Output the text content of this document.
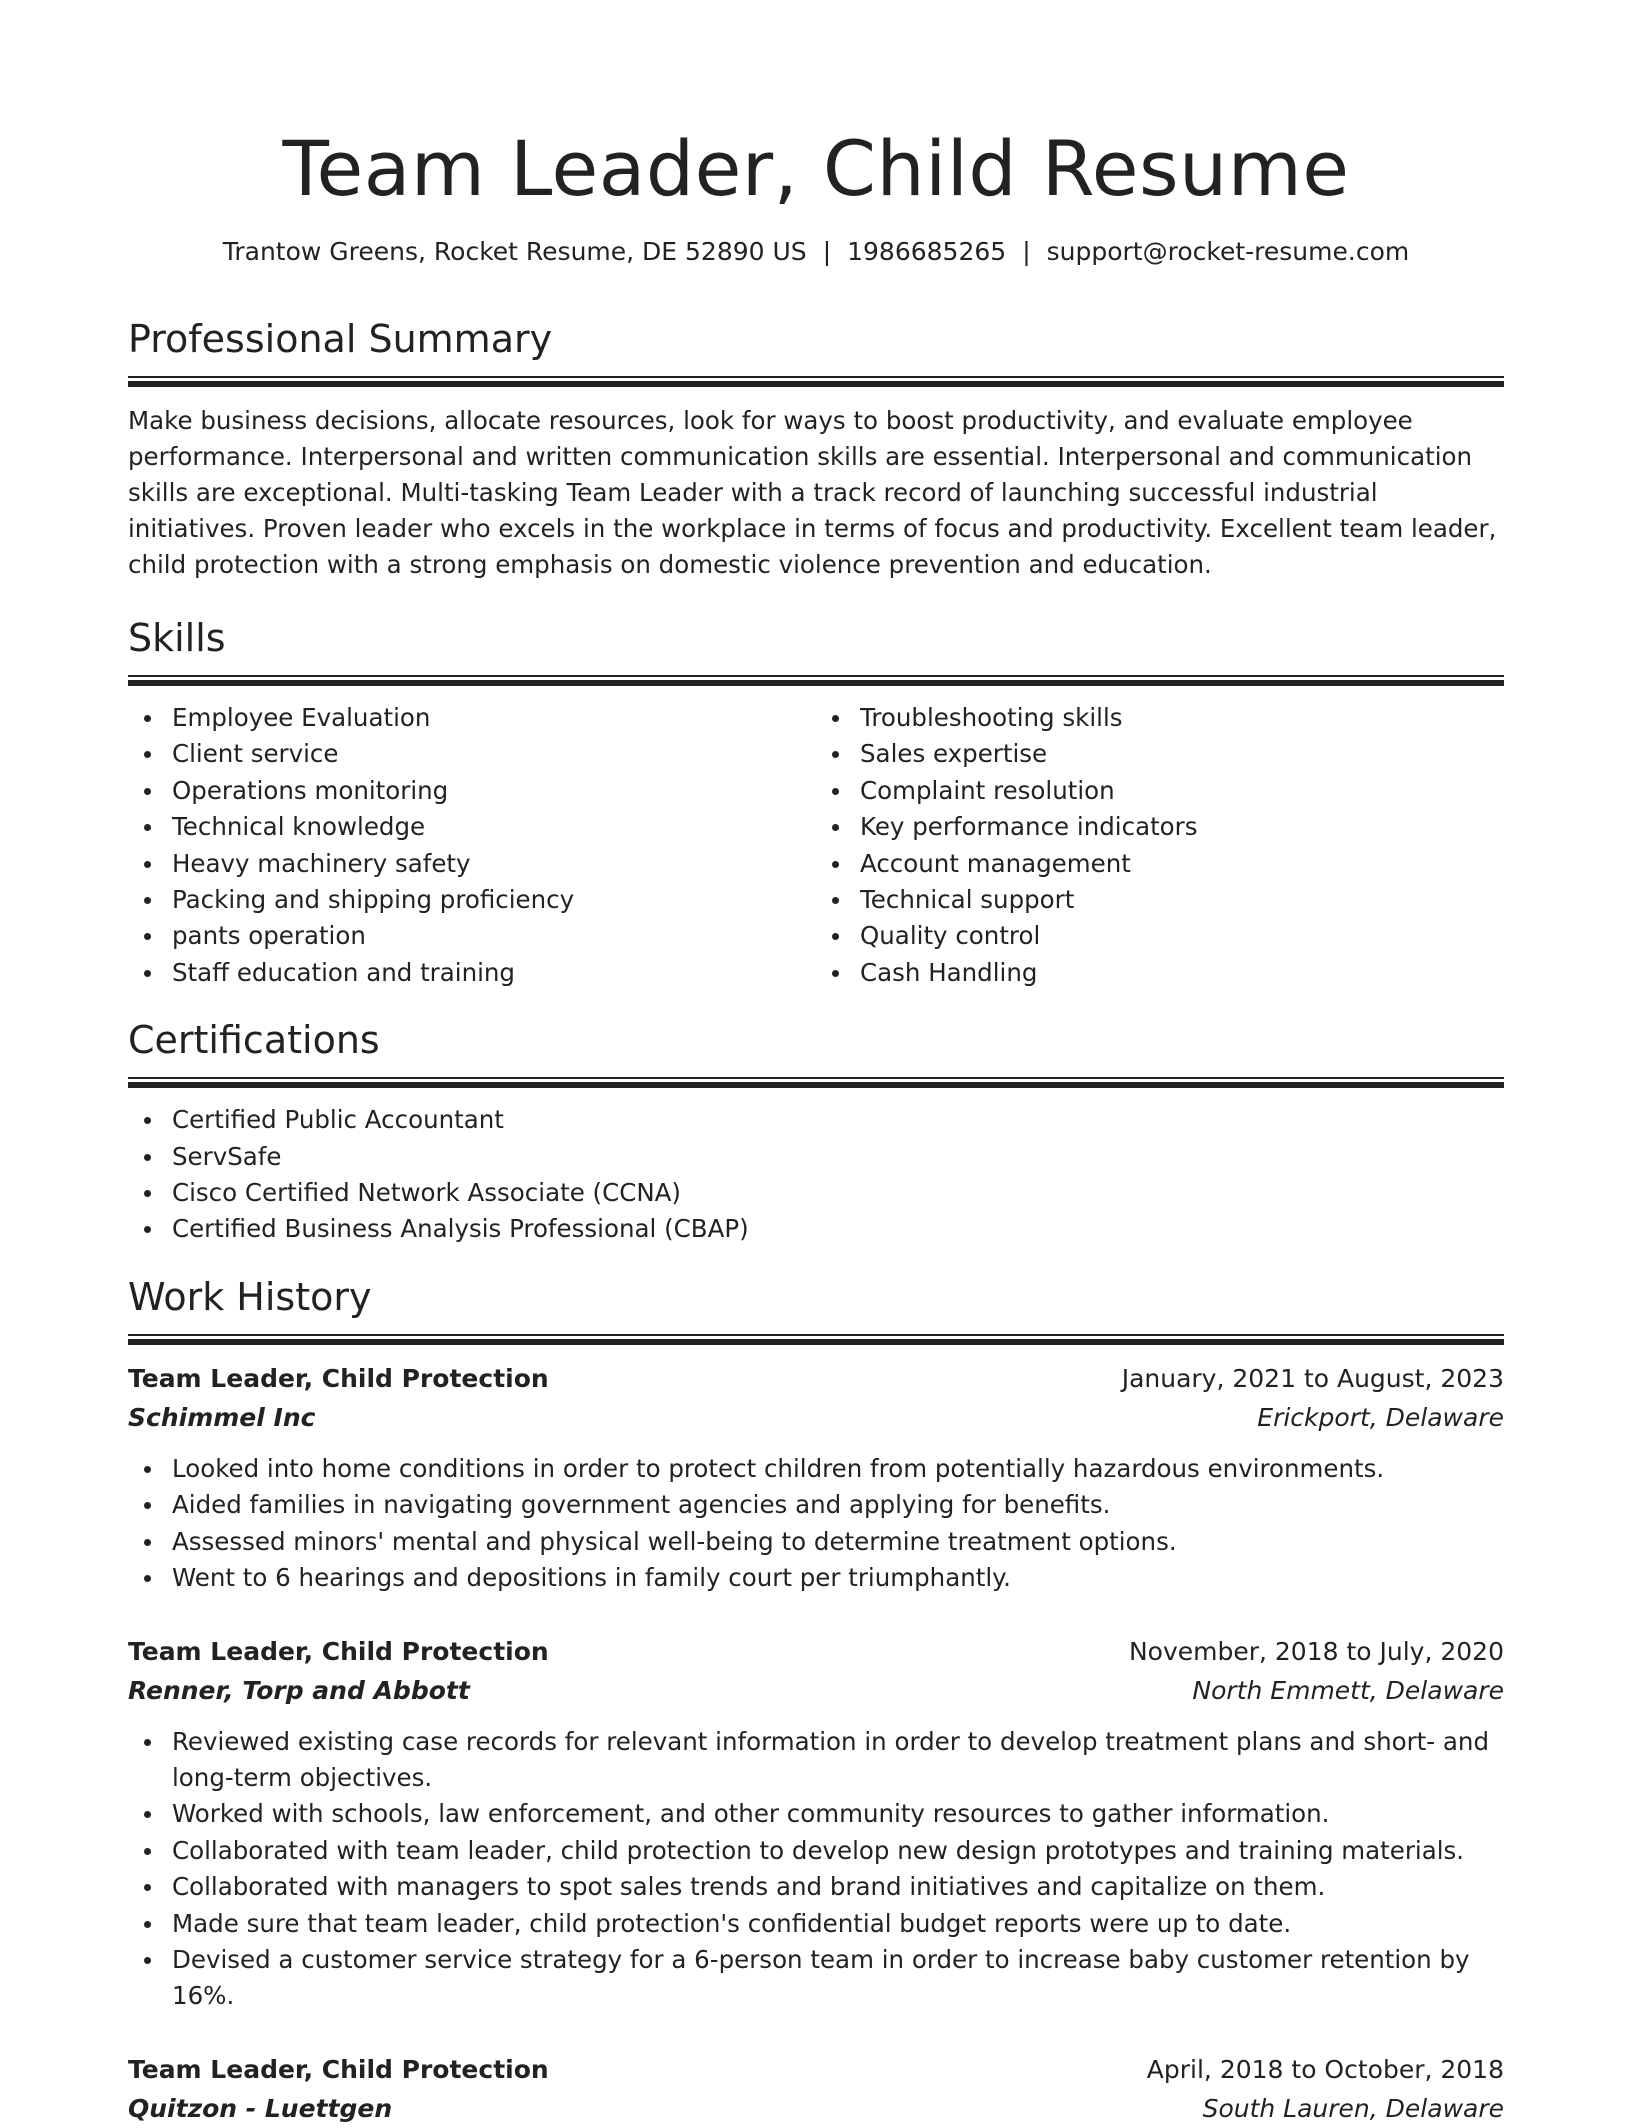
Team Leader, Child Resume
Trantow Greens, Rocket Resume, DE 52890 US | 1986685265 | support@rocket-resume.com
Professional Summary

Make business decisions, allocate resources, look for ways to boost productivity, and evaluate employee performance. Interpersonal and written communication skills are essential. Interpersonal and communication skills are exceptional. Multi-tasking Team Leader with a track record of launching successful industrial initiatives. Proven leader who excels in the workplace in terms of focus and productivity. Excellent team leader, child protection with a strong emphasis on domestic violence prevention and education.

Skills
Employee Evaluation
Client service
Operations monitoring
Technical knowledge
Heavy machinery safety
Packing and shipping proficiency
pants operation
Staff education and training
Troubleshooting skills
Sales expertise
Complaint resolution
Key performance indicators
Account management
Technical support
Quality control
Cash Handling
Certifications
Certified Public Accountant
ServSafe
Cisco Certified Network Associate (CCNA)
Certified Business Analysis Professional (CBAP)
Work History
Team Leader, Child Protection	January, 2021 to August, 2023
Schimmel Inc	Erickport, Delaware
Looked into home conditions in order to protect children from potentially hazardous environments.
Aided families in navigating government agencies and applying for benefits.
Assessed minors' mental and physical well-being to determine treatment options.
Went to 6 hearings and depositions in family court per triumphantly.
Team Leader, Child Protection	November, 2018 to July, 2020
Renner, Torp and Abbott	North Emmett, Delaware
Reviewed existing case records for relevant information in order to develop treatment plans and short- and long-term objectives.
Worked with schools, law enforcement, and other community resources to gather information.
Collaborated with team leader, child protection to develop new design prototypes and training materials.
Collaborated with managers to spot sales trends and brand initiatives and capitalize on them.
Made sure that team leader, child protection's confidential budget reports were up to date.
Devised a customer service strategy for a 6-person team in order to increase baby customer retention by 16%.
Team Leader, Child Protection	April, 2018 to October, 2018
Quitzon - Luettgen	South Lauren, Delaware
